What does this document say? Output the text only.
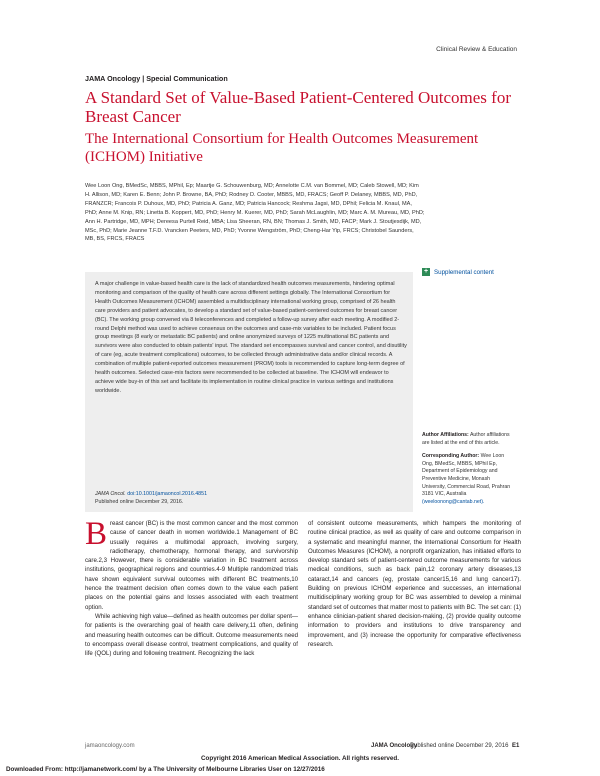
Clinical Review & Education
JAMA Oncology | Special Communication
A Standard Set of Value-Based Patient-Centered Outcomes for Breast Cancer
The International Consortium for Health Outcomes Measurement (ICHOM) Initiative
Wee Loon Ong, BMedSc, MBBS, MPhil, Ep; Maartje G. Schouwenburg, MD; Annelotte C.M. van Bommel, MD; Caleb Stowell, MD; Kim H. Allison, MD; Karen E. Benn; John P. Browne, BA, PhD; Rodney D. Cooter, MBBS, MD, FRACS; Geoff P. Delaney, MBBS, MD, PhD, FRANZCR; Francois P. Duhoux, MD, PhD; Patricia A. Ganz, MD; Patricia Hancock; Reshma Jagsi, MD, DPhil; Felicia M. Knaul, MA, PhD; Anne M. Knip, RN; Linetta B. Koppert, MD, PhD; Henry M. Kuerer, MD, PhD; Sarah McLaughlin, MD; Marc A. M. Mureau, MD, PhD; Ann H. Partridge, MD, MPH; Dereesa Purtell Reid, MBA; Lisa Sheeran, RN, BN; Thomas J. Smith, MD, FACP; Mark J. Stoutjesdijk, MD, MSc, PhD; Marie Jeanne T.F.D. Vrancken Peeters, MD, PhD; Yvonne Wengström, PhD; Cheng-Har Yip, FRCS; Christobel Saunders, MB, BS, FRCS, FRACS
+ Supplemental content
A major challenge in value-based health care is the lack of standardized health outcomes measurements, hindering optimal monitoring and comparison of the quality of health care across different settings globally. The International Consortium for Health Outcomes Measurement (ICHOM) assembled a multidisciplinary international working group, comprised of 26 health care providers and patient advocates, to develop a standard set of value-based patient-centered outcomes for breast cancer (BC). The working group convened via 8 teleconferences and completed a follow-up survey after each meeting. A modified 2-round Delphi method was used to achieve consensus on the outcomes and case-mix variables to be included. Patient focus group meetings (8 early or metastatic BC patients) and online anonymized surveys of 1225 multinational BC patients and survivors were also conducted to obtain patients' input. The standard set encompasses survival and cancer control, and disutility of care (eg, acute treatment complications) outcomes, to be collected through administrative data and/or clinical records. A combination of multiple patient-reported outcomes measurement (PROM) tools is recommended to capture long-term degree of health outcomes. Selected case-mix factors were recommended to be collected at baseline. The ICHOM will endeavor to achieve wide buy-in of this set and facilitate its implementation in routine clinical practice in various settings and institutions worldwide.
JAMA Oncol. doi:10.1001/jamaoncol.2016.4851
Published online December 29, 2016.

Author Affiliations: Author affiliations are listed at the end of this article.

Corresponding Author: Wee Loon Ong, BMedSc, MBBS, MPhil Ep, Department of Epidemiology and Preventive Medicine, Monash University, Commercial Road, Prahran 3181 VIC, Australia (weeloonong@cantab.net).

B reast cancer (BC) is the most common cancer and the most common cause of cancer death in women worldwide.1 Management of BC usually requires a multimodal approach, involving surgery, radiotherapy, chemotherapy, hormonal therapy, and survivorship care.2,3 However, there is considerable variation in BC treatment across institutions, geographical regions and countries.4-9 Multiple randomized trials have shown equivalent survival outcomes with different BC treatments,10 hence the treatment decision often comes down to the value each patient places on the potential gains and losses associated with each treatment option.

While achieving high value—defined as health outcomes per dollar spent—for patients is the overarching goal of health care delivery,11 often, defining and measuring health outcomes can be difficult. Outcome measurements need to encompass overall disease control, treatment complications, and quality of life (QOL) during and following treatment. Recognizing the lack

of consistent outcome measurements, which hampers the monitoring of routine clinical practice, as well as quality of care and outcome comparison in a systematic and meaningful manner, the International Consortium for Health Outcomes Measures (ICHOM), a nonprofit organization, has initiated efforts to develop standard sets of patient-centered outcome measurements for various medical conditions, such as back pain,12 coronary artery diseases,13 cataract,14 and cancers (eg, prostate cancer15,16 and lung cancer17). Building on previous ICHOM experience and successes, an international multidisciplinary working group for BC was assembled to develop a minimal standard set of outcomes that matter most to patients with BC. The set can: (1) enhance clinician-patient shared decision-making, (2) provide quality outcome information to providers and institutions to drive transparency and improvement, and (3) increase the opportunity for comparative effectiveness research.

jamaoncology.com	JAMA Oncology
Published online December 29, 2016 E1
Copyright 2016 American Medical Association. All rights reserved.
Downloaded From: http://jamanetwork.com/ by a The University of Melbourne Libraries User on 12/27/2016
